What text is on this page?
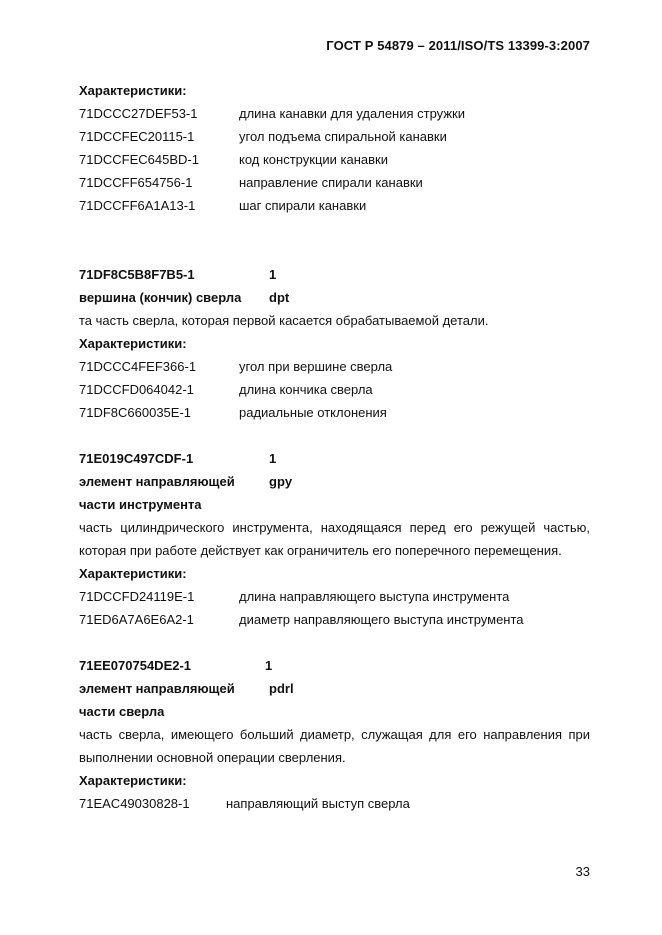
ГОСТ Р 54879 – 2011/ISO/TS 13399-3:2007
Характеристики:
71DCCC27DEF53-1	длина канавки для удаления стружки
71DCCFEC20115-1	угол подъема спиральной канавки
71DCCFEC645BD-1	код конструкции канавки
71DCCFF654756-1	направление спирали канавки
71DCCFF6A1A13-1	шаг спирали канавки
71DF8C5B8F7B5-1	1
вершина (кончик) сверла	dpt
та часть сверла, которая первой касается обрабатываемой детали.
Характеристики:
71DCCC4FEF366-1	угол при вершине сверла
71DCCFD064042-1	длина кончика сверла
71DF8C660035E-1	радиальные отклонения
71E019C497CDF-1	1
элемент направляющей	gpy
части инструмента
часть цилиндрического инструмента, находящаяся перед его режущей частью,
которая при работе действует как ограничитель его поперечного перемещения.
Характеристики:
71DCCFD24119E-1	длина направляющего выступа инструмента
71ED6A7A6E6A2-1	диаметр направляющего выступа инструмента
71EE070754DE2-1	1
элемент направляющей	pdrl
части сверла
часть сверла, имеющего больший диаметр, служащая для его направления при
выполнении основной операции сверления.
Характеристики:
71EAC49030828-1	направляющий выступ сверла
33
